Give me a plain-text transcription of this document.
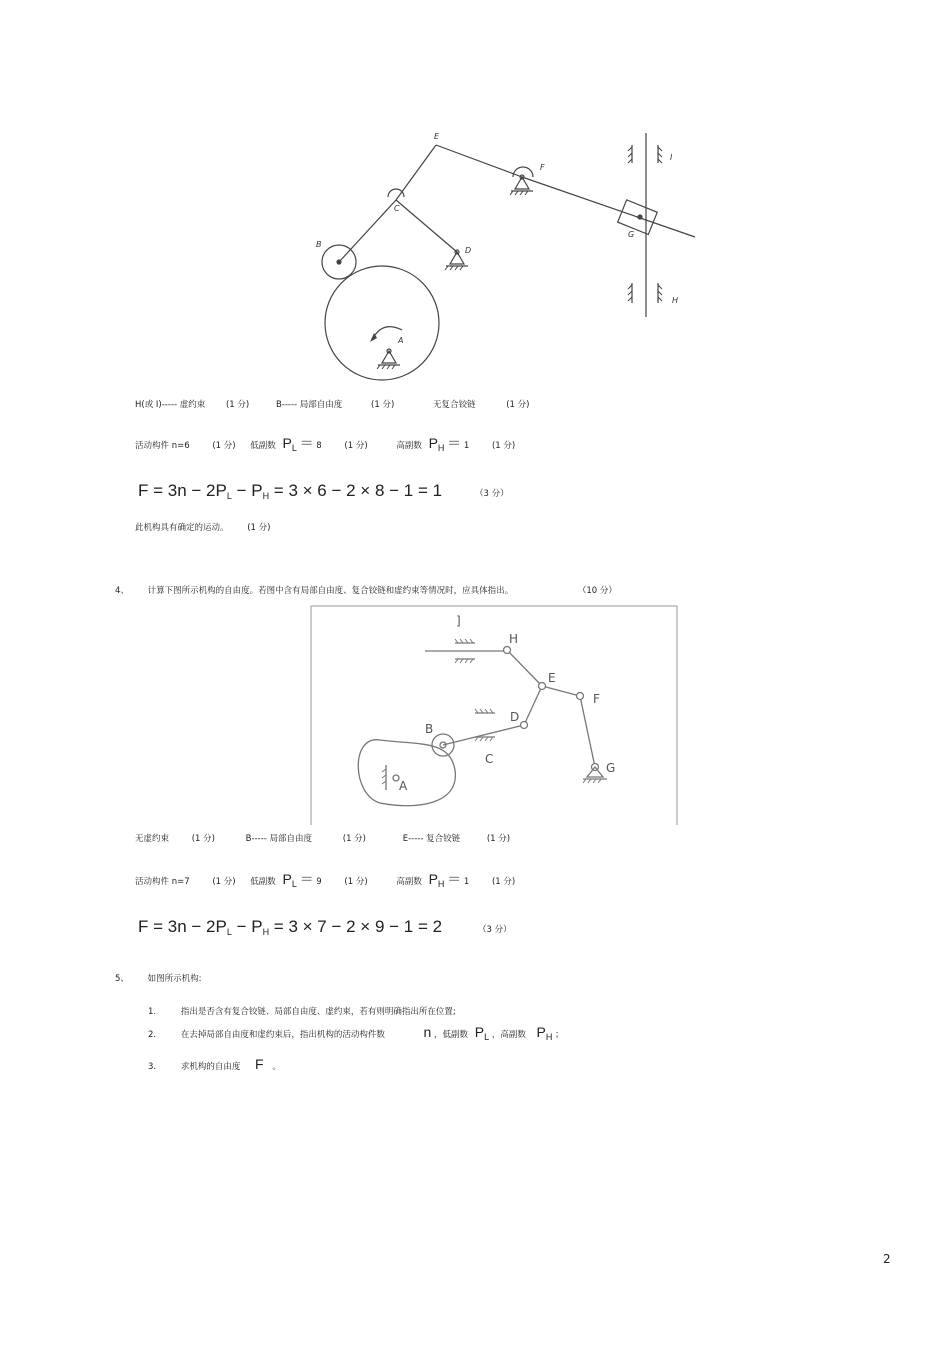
E
F
I
C
G
B
D
A
H
H(或 I)----- 虚约束 (1 分)	B----- 局部自由度	(1 分)	无复合铰链	(1 分)
活动构件 n=6	(1 分) 低副数 $P_L = 8$	(1 分)	高副数 $P_H = 1$	(1 分)
$F = 3n - 2P_L - P_H = 3 \times 6 - 2 \times 8 - 1 = 1$	（3 分）
此机构具有确定的运动。 (1 分)
4、 计算下图所示机构的自由度。若图中含有局部自由度、复合铰链和虚约束等情况时，应具体指出。	（10 分）
]
H
E
F
D
B
C
G
A
无虚约束	(1 分)	B----- 局部自由度	(1 分)	E----- 复合铰链	(1 分)
活动构件 n=7	(1 分) 低副数 $P_L = 9$	(1 分)	高副数 $P_H = 1$	(1 分)
$F = 3n - 2P_L - P_H = 3 \times 7 - 2 \times 9 - 1 = 2$	（3 分）
5、 如图所示机构:
1.	指出是否含有复合铰链、局部自由度、虚约束，若有则明确指出所在位置;
2.	在去掉局部自由度和虚约束后，指出机构的活动构件数	n ，低副数 $P_L$ ，高副数 $P_H$ ；
3.	求机构的自由度 F 。
2
